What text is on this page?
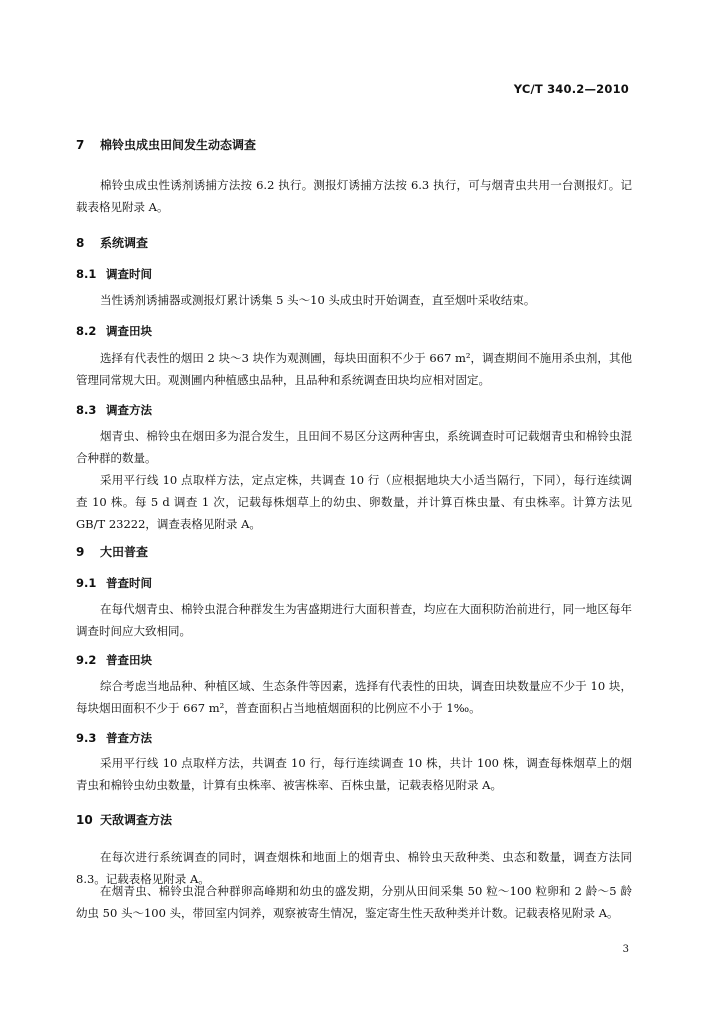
YC/T 340.2—2010
7 棉铃虫成虫田间发生动态调查
棉铃虫成虫性诱剂诱捕方法按 6.2 执行。测报灯诱捕方法按 6.3 执行，可与烟青虫共用一台测报灯。记载表格见附录 A。
8 系统调查
8.1 调查时间
当性诱剂诱捕器或测报灯累计诱集 5 头～10 头成虫时开始调查，直至烟叶采收结束。
8.2 调查田块
选择有代表性的烟田 2 块～3 块作为观测圃，每块田面积不少于 667 m²，调查期间不施用杀虫剂，其他管理同常规大田。观测圃内种植感虫品种，且品种和系统调查田块均应相对固定。
8.3 调查方法
烟青虫、棉铃虫在烟田多为混合发生，且田间不易区分这两种害虫，系统调查时可记载烟青虫和棉铃虫混合种群的数量。
采用平行线 10 点取样方法，定点定株，共调查 10 行（应根据地块大小适当隔行，下同），每行连续调查 10 株。每 5 d 调查 1 次，记载每株烟草上的幼虫、卵数量，并计算百株虫量、有虫株率。计算方法见 GB/T 23222，调查表格见附录 A。
9 大田普查
9.1 普查时间
在每代烟青虫、棉铃虫混合种群发生为害盛期进行大面积普查，均应在大面积防治前进行，同一地区每年调查时间应大致相同。
9.2 普查田块
综合考虑当地品种、种植区域、生态条件等因素，选择有代表性的田块，调查田块数量应不少于 10 块，每块烟田面积不少于 667 m²，普查面积占当地植烟面积的比例应不小于 1‰。
9.3 普查方法
采用平行线 10 点取样方法，共调查 10 行，每行连续调查 10 株，共计 100 株，调查每株烟草上的烟青虫和棉铃虫幼虫数量，计算有虫株率、被害株率、百株虫量，记载表格见附录 A。
10 天敌调查方法
在每次进行系统调查的同时，调查烟株和地面上的烟青虫、棉铃虫天敌种类、虫态和数量，调查方法同 8.3。记载表格见附录 A。
在烟青虫、棉铃虫混合种群卵高峰期和幼虫的盛发期，分别从田间采集 50 粒～100 粒卵和 2 龄～5 龄幼虫 50 头～100 头，带回室内饲养，观察被寄生情况，鉴定寄生性天敌种类并计数。记载表格见附录 A。
3
